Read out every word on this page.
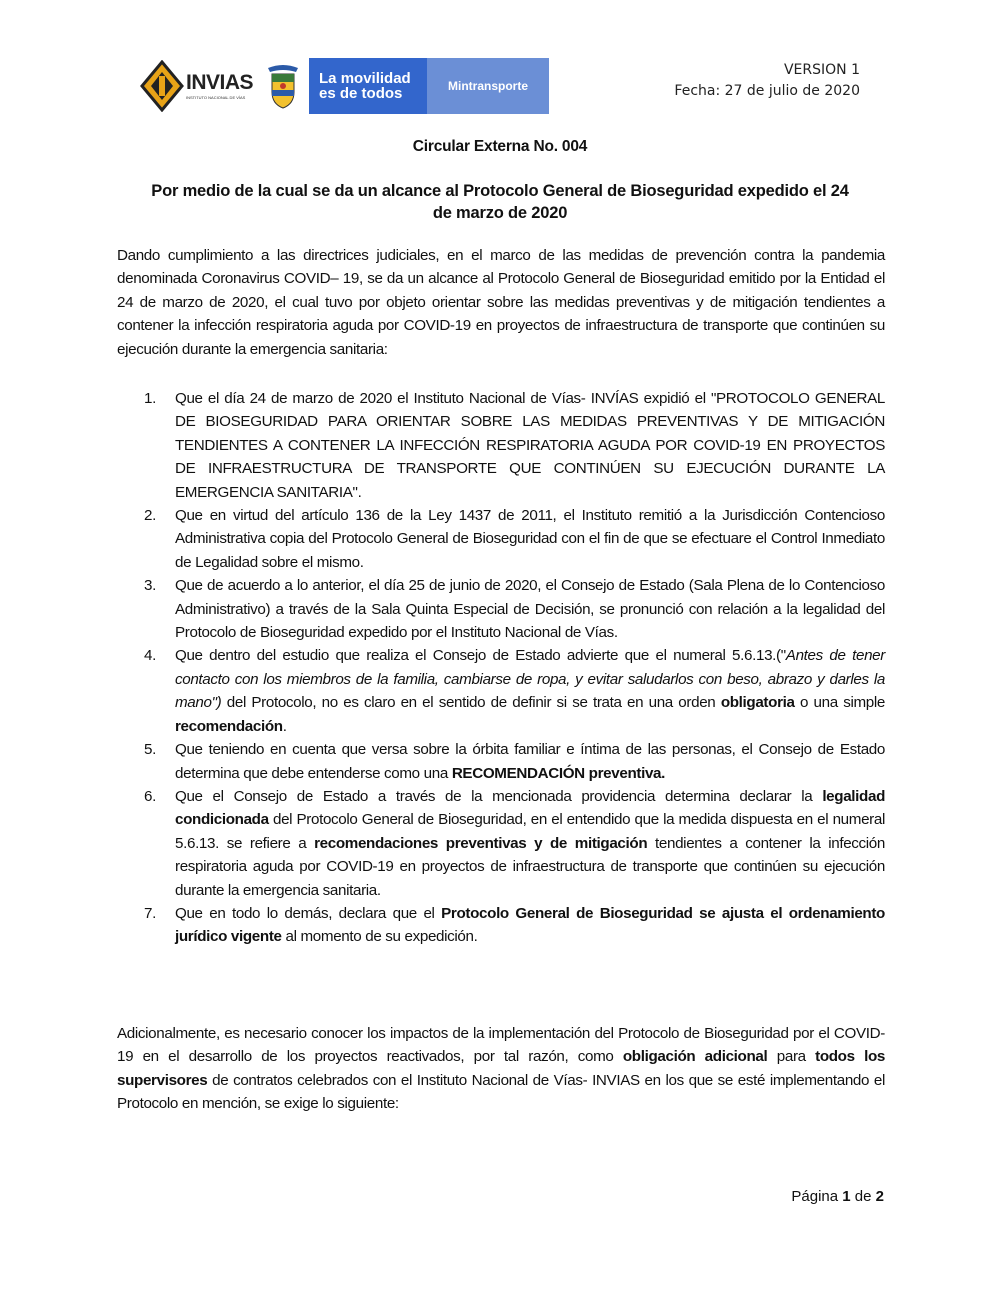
INVIAS
INSTITUTO NACIONAL DE VÍAS
La movilidad
es de todos	Mintransporte
VERSION 1
Fecha: 27 de julio de 2020
Circular Externa No. 004
Por medio de la cual se da un alcance al Protocolo General de Bioseguridad expedido el 24 de marzo de 2020
Dando cumplimiento a las directrices judiciales, en el marco de las medidas de prevención contra la pandemia denominada Coronavirus COVID– 19, se da un alcance al Protocolo General de Bioseguridad emitido por la Entidad el 24 de marzo de 2020, el cual tuvo por objeto orientar sobre las medidas preventivas y de mitigación tendientes a contener la infección respiratoria aguda por COVID-19 en proyectos de infraestructura de transporte que continúen su ejecución durante la emergencia sanitaria:
1. Que el día 24 de marzo de 2020 el Instituto Nacional de Vías- INVÍAS expidió el "PROTOCOLO GENERAL DE BIOSEGURIDAD PARA ORIENTAR SOBRE LAS MEDIDAS PREVENTIVAS Y DE MITIGACIÓN TENDIENTES A CONTENER LA INFECCIÓN RESPIRATORIA AGUDA POR COVID-19 EN PROYECTOS DE INFRAESTRUCTURA DE TRANSPORTE QUE CONTINÚEN SU EJECUCIÓN DURANTE LA EMERGENCIA SANITARIA".
2. Que en virtud del artículo 136 de la Ley 1437 de 2011, el Instituto remitió a la Jurisdicción Contencioso Administrativa copia del Protocolo General de Bioseguridad con el fin de que se efectuare el Control Inmediato de Legalidad sobre el mismo.
3. Que de acuerdo a lo anterior, el día 25 de junio de 2020, el Consejo de Estado (Sala Plena de lo Contencioso Administrativo) a través de la Sala Quinta Especial de Decisión, se pronunció con relación a la legalidad del Protocolo de Bioseguridad expedido por el Instituto Nacional de Vías.
4. Que dentro del estudio que realiza el Consejo de Estado advierte que el numeral 5.6.13.("Antes de tener contacto con los miembros de la familia, cambiarse de ropa, y evitar saludarlos con beso, abrazo y darles la mano") del Protocolo, no es claro en el sentido de definir si se trata en una orden obligatoria o una simple recomendación.
5. Que teniendo en cuenta que versa sobre la órbita familiar e íntima de las personas, el Consejo de Estado determina que debe entenderse como una RECOMENDACIÓN preventiva.
6. Que el Consejo de Estado a través de la mencionada providencia determina declarar la legalidad condicionada del Protocolo General de Bioseguridad, en el entendido que la medida dispuesta en el numeral 5.6.13. se refiere a recomendaciones preventivas y de mitigación tendientes a contener la infección respiratoria aguda por COVID-19 en proyectos de infraestructura de transporte que continúen su ejecución durante la emergencia sanitaria.
7. Que en todo lo demás, declara que el Protocolo General de Bioseguridad se ajusta el ordenamiento jurídico vigente al momento de su expedición.
Adicionalmente, es necesario conocer los impactos de la implementación del Protocolo de Bioseguridad por el COVID-19 en el desarrollo de los proyectos reactivados, por tal razón, como obligación adicional para todos los supervisores de contratos celebrados con el Instituto Nacional de Vías- INVIAS en los que se esté implementando el Protocolo en mención, se exige lo siguiente:
Página 1 de 2
